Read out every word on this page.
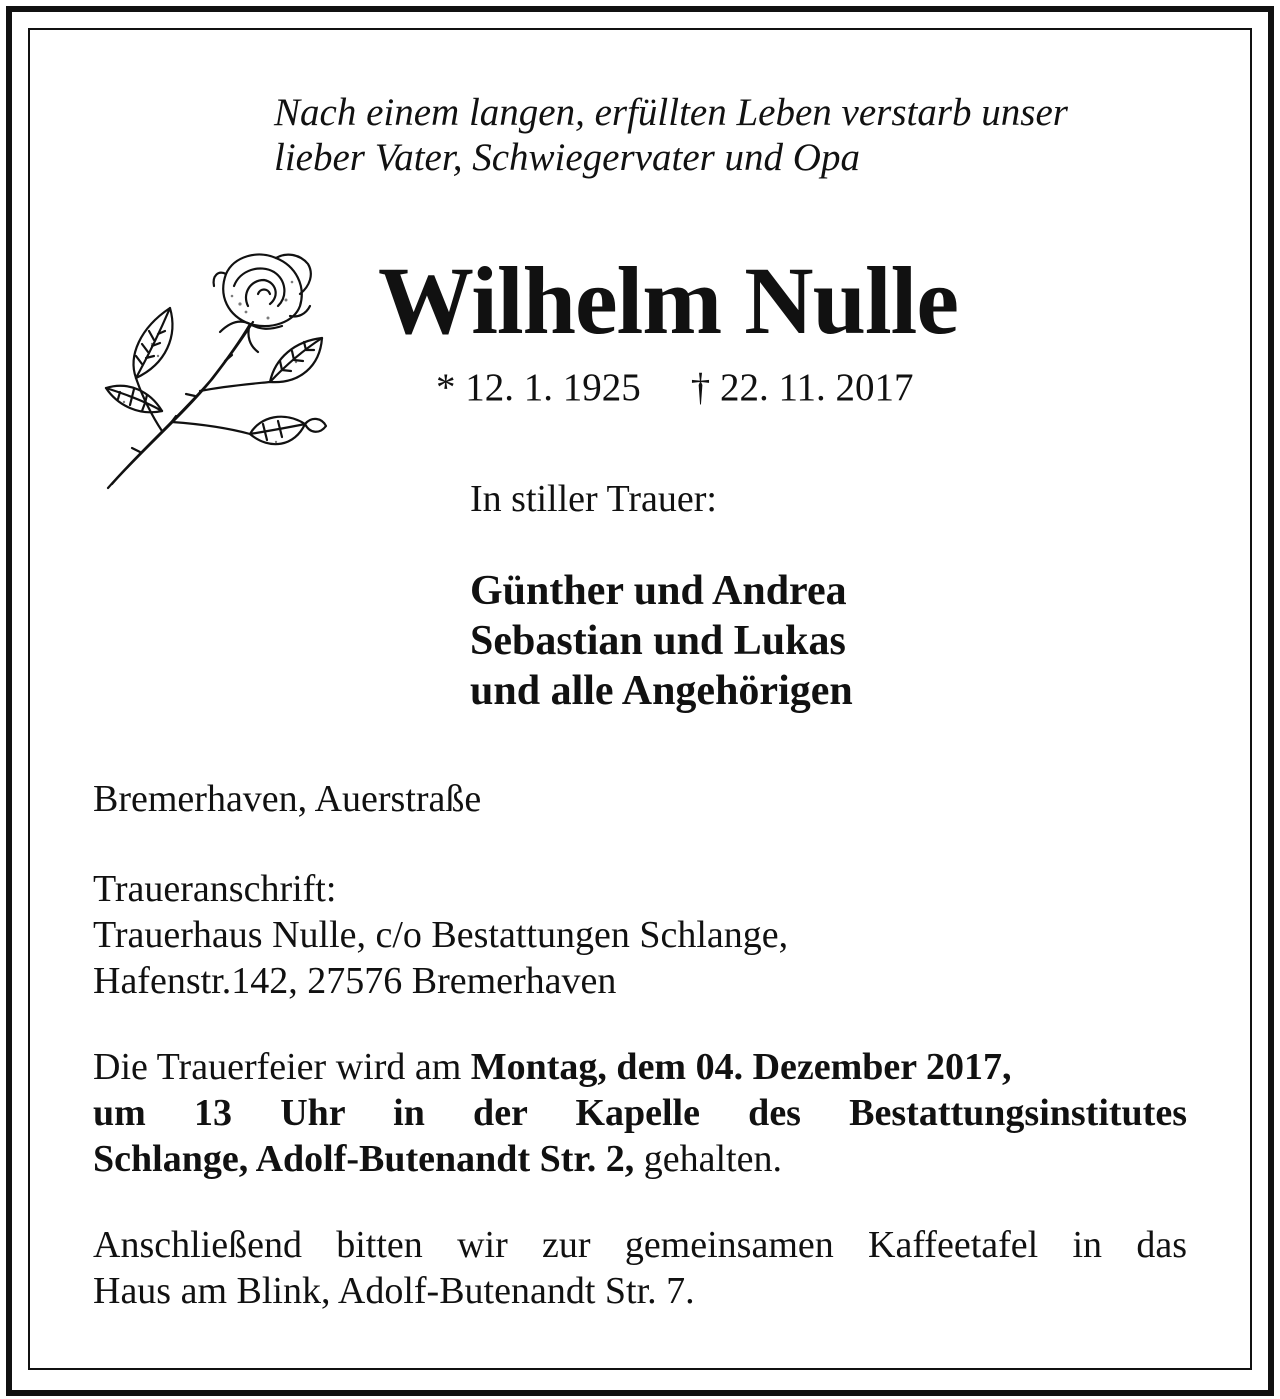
Nach einem langen, erfüllten Leben verstarb unser
lieber Vater, Schwiegervater und Opa

Wilhelm Nulle
* 12. 1. 1925 † 22. 11. 2017
In stiller Trauer:
Günther und Andrea
Sebastian und Lukas
und alle Angehörigen
Bremerhaven, Auerstraße
Traueranschrift:
Trauerhaus Nulle, c/o Bestattungen Schlange,
Hafenstr.142, 27576 Bremerhaven
Die Trauerfeier wird am Montag, dem 04. Dezember 2017,
um 13 Uhr in der Kapelle des Bestattungsinstitutes
Schlange, Adolf-Butenandt Str. 2, gehalten.
Anschließend bitten wir zur gemeinsamen Kaffeetafel in das
Haus am Blink, Adolf-Butenandt Str. 7.
